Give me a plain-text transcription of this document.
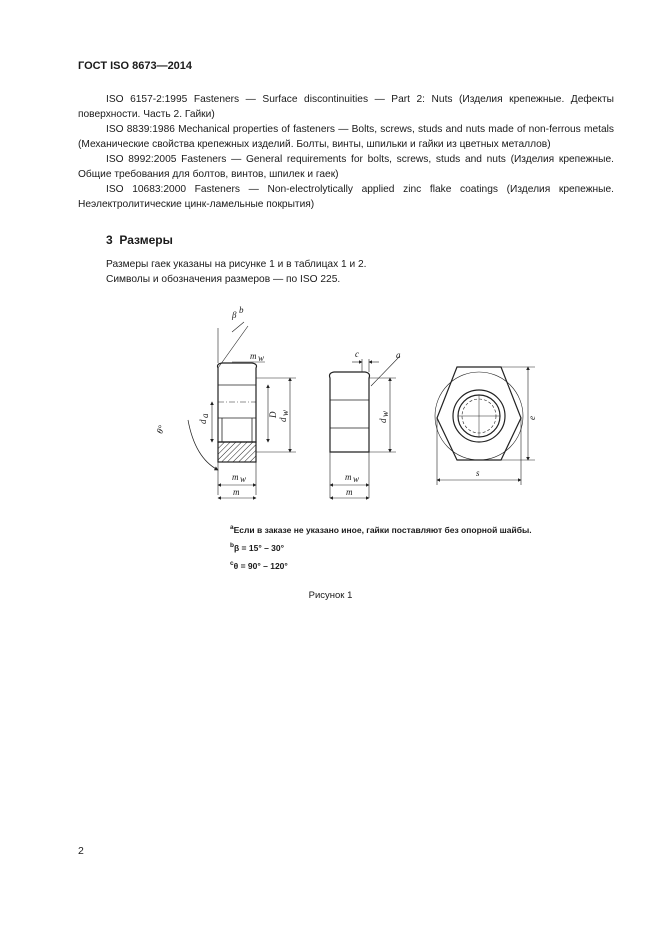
ГОСТ ISO 8673—2014

ISO 6157-2:1995 Fasteners — Surface discontinuities — Part 2: Nuts (Изделия крепежные. Дефекты поверхности. Часть 2. Гайки)

ISO 8839:1986 Mechanical properties of fasteners — Bolts, screws, studs and nuts made of non-ferrous metals (Механические свойства крепежных изделий. Болты, винты, шпильки и гайки из цветных металлов)

ISO 8992:2005 Fasteners — General requirements for bolts, screws, studs and nuts (Изделия крепежные. Общие требования для болтов, винтов, шпилек и гаек)

ISO 10683:2000 Fasteners — Non-electrolytically applied zinc flake coatings (Изделия крепежные. Неэлектролитические цинк-ламельные покрытия)

3 Размеры

Размеры гаек указаны на рисунке 1 и в таблицах 1 и 2.

Символы и обозначения размеров — по ISO 225.

β b
θ°
m w
d
a	D
d
w
m w
m
c	a
d
w
m w
m
s
e
$^a$Если в заказе не указано иное, гайки поставляют без опорной шайбы.
$^b$β = 15° – 30°
$^c$θ = 90° – 120°
Рисунок 1
2
